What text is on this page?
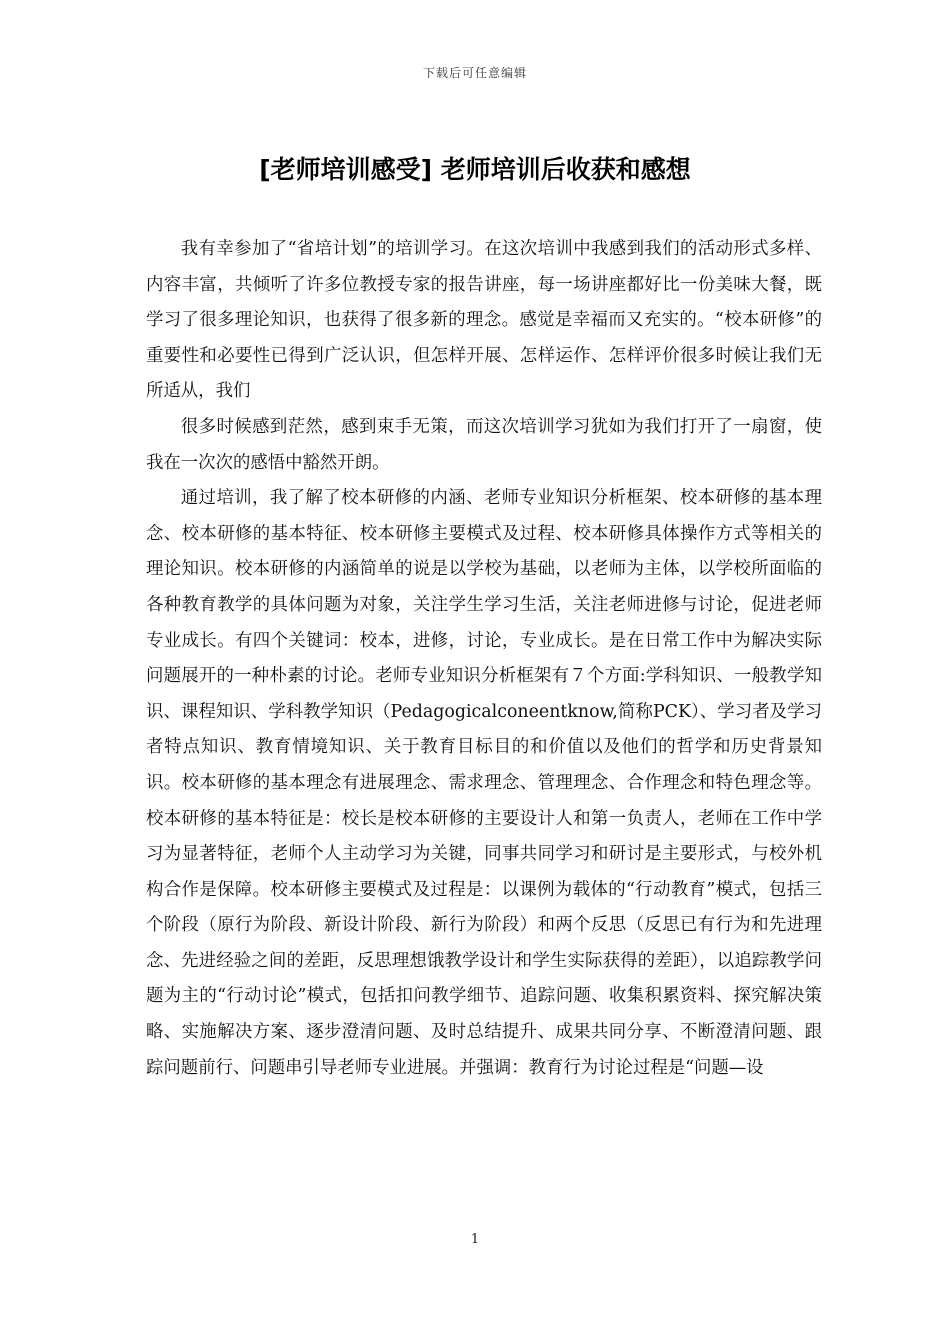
下载后可任意编辑
[老师培训感受] 老师培训后收获和感想

我有幸参加了“省培计划”的培训学习。在这次培训中我感到我们的活动形式多样、内容丰富，共倾听了许多位教授专家的报告讲座，每一场讲座都好比一份美味大餐，既学习了很多理论知识，也获得了很多新的理念。感觉是幸福而又充实的。“校本研修”的重要性和必要性已得到广泛认识，但怎样开展、怎样运作、怎样评价很多时候让我们无所适从，我们

很多时候感到茫然，感到束手无策，而这次培训学习犹如为我们打开了一扇窗，使我在一次次的感悟中豁然开朗。

通过培训，我了解了校本研修的内涵、老师专业知识分析框架、校本研修的基本理念、校本研修的基本特征、校本研修主要模式及过程、校本研修具体操作方式等相关的理论知识。校本研修的内涵简单的说是以学校为基础，以老师为主体，以学校所面临的各种教育教学的具体问题为对象，关注学生学习生活，关注老师进修与讨论，促进老师专业成长。有四个关键词：校本，进修，讨论，专业成长。是在日常工作中为解决实际问题展开的一种朴素的讨论。老师专业知识分析框架有７个方面:学科知识、一般教学知识、课程知识、学科教学知识（Pedagogicalconeentknow,简称PCK）、学习者及学习者特点知识、教育情境知识、关于教育目标目的和价值以及他们的哲学和历史背景知识。校本研修的基本理念有进展理念、需求理念、管理理念、合作理念和特色理念等。校本研修的基本特征是：校长是校本研修的主要设计人和第一负责人，老师在工作中学习为显著特征，老师个人主动学习为关键，同事共同学习和研讨是主要形式，与校外机构合作是保障。校本研修主要模式及过程是：以课例为载体的“行动教育”模式，包括三个阶段（原行为阶段、新设计阶段、新行为阶段）和两个反思（反思已有行为和先进理念、先进经验之间的差距，反思理想饿教学设计和学生实际获得的差距），以追踪教学问题为主的“行动讨论”模式，包括扣问教学细节、追踪问题、收集积累资料、探究解决策略、实施解决方案、逐步澄清问题、及时总结提升、成果共同分享、不断澄清问题、跟踪问题前行、问题串引导老师专业进展。并强调：教育行为讨论过程是“问题—设

1
